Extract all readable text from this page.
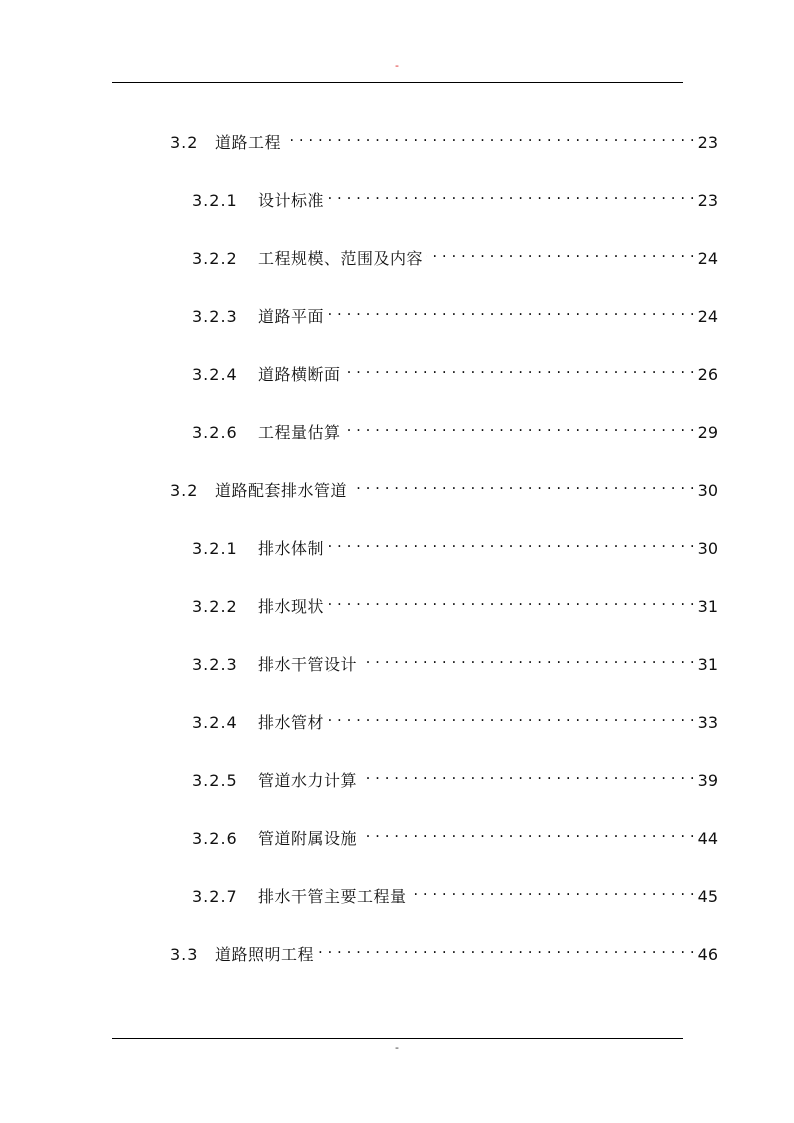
-
3.2 道路工程 . . .	23
3.2.1 设计标准 . . .	23
3.2.2 工程规模、范围及内容 . . .	24
3.2.3 道路平面 . . .	24
3.2.4 道路横断面 . . .	26
3.2.6 工程量估算 . . .	29
3.2 道路配套排水管道 . . .	30
3.2.1 排水体制 . . .	30
3.2.2 排水现状 . . .	31
3.2.3 排水干管设计 . . .	31
3.2.4 排水管材 . . .	33
3.2.5 管道水力计算 . . .	39
3.2.6 管道附属设施 . . .	44
3.2.7 排水干管主要工程量 . . .	45
3.3 道路照明工程 . . .	46
-
